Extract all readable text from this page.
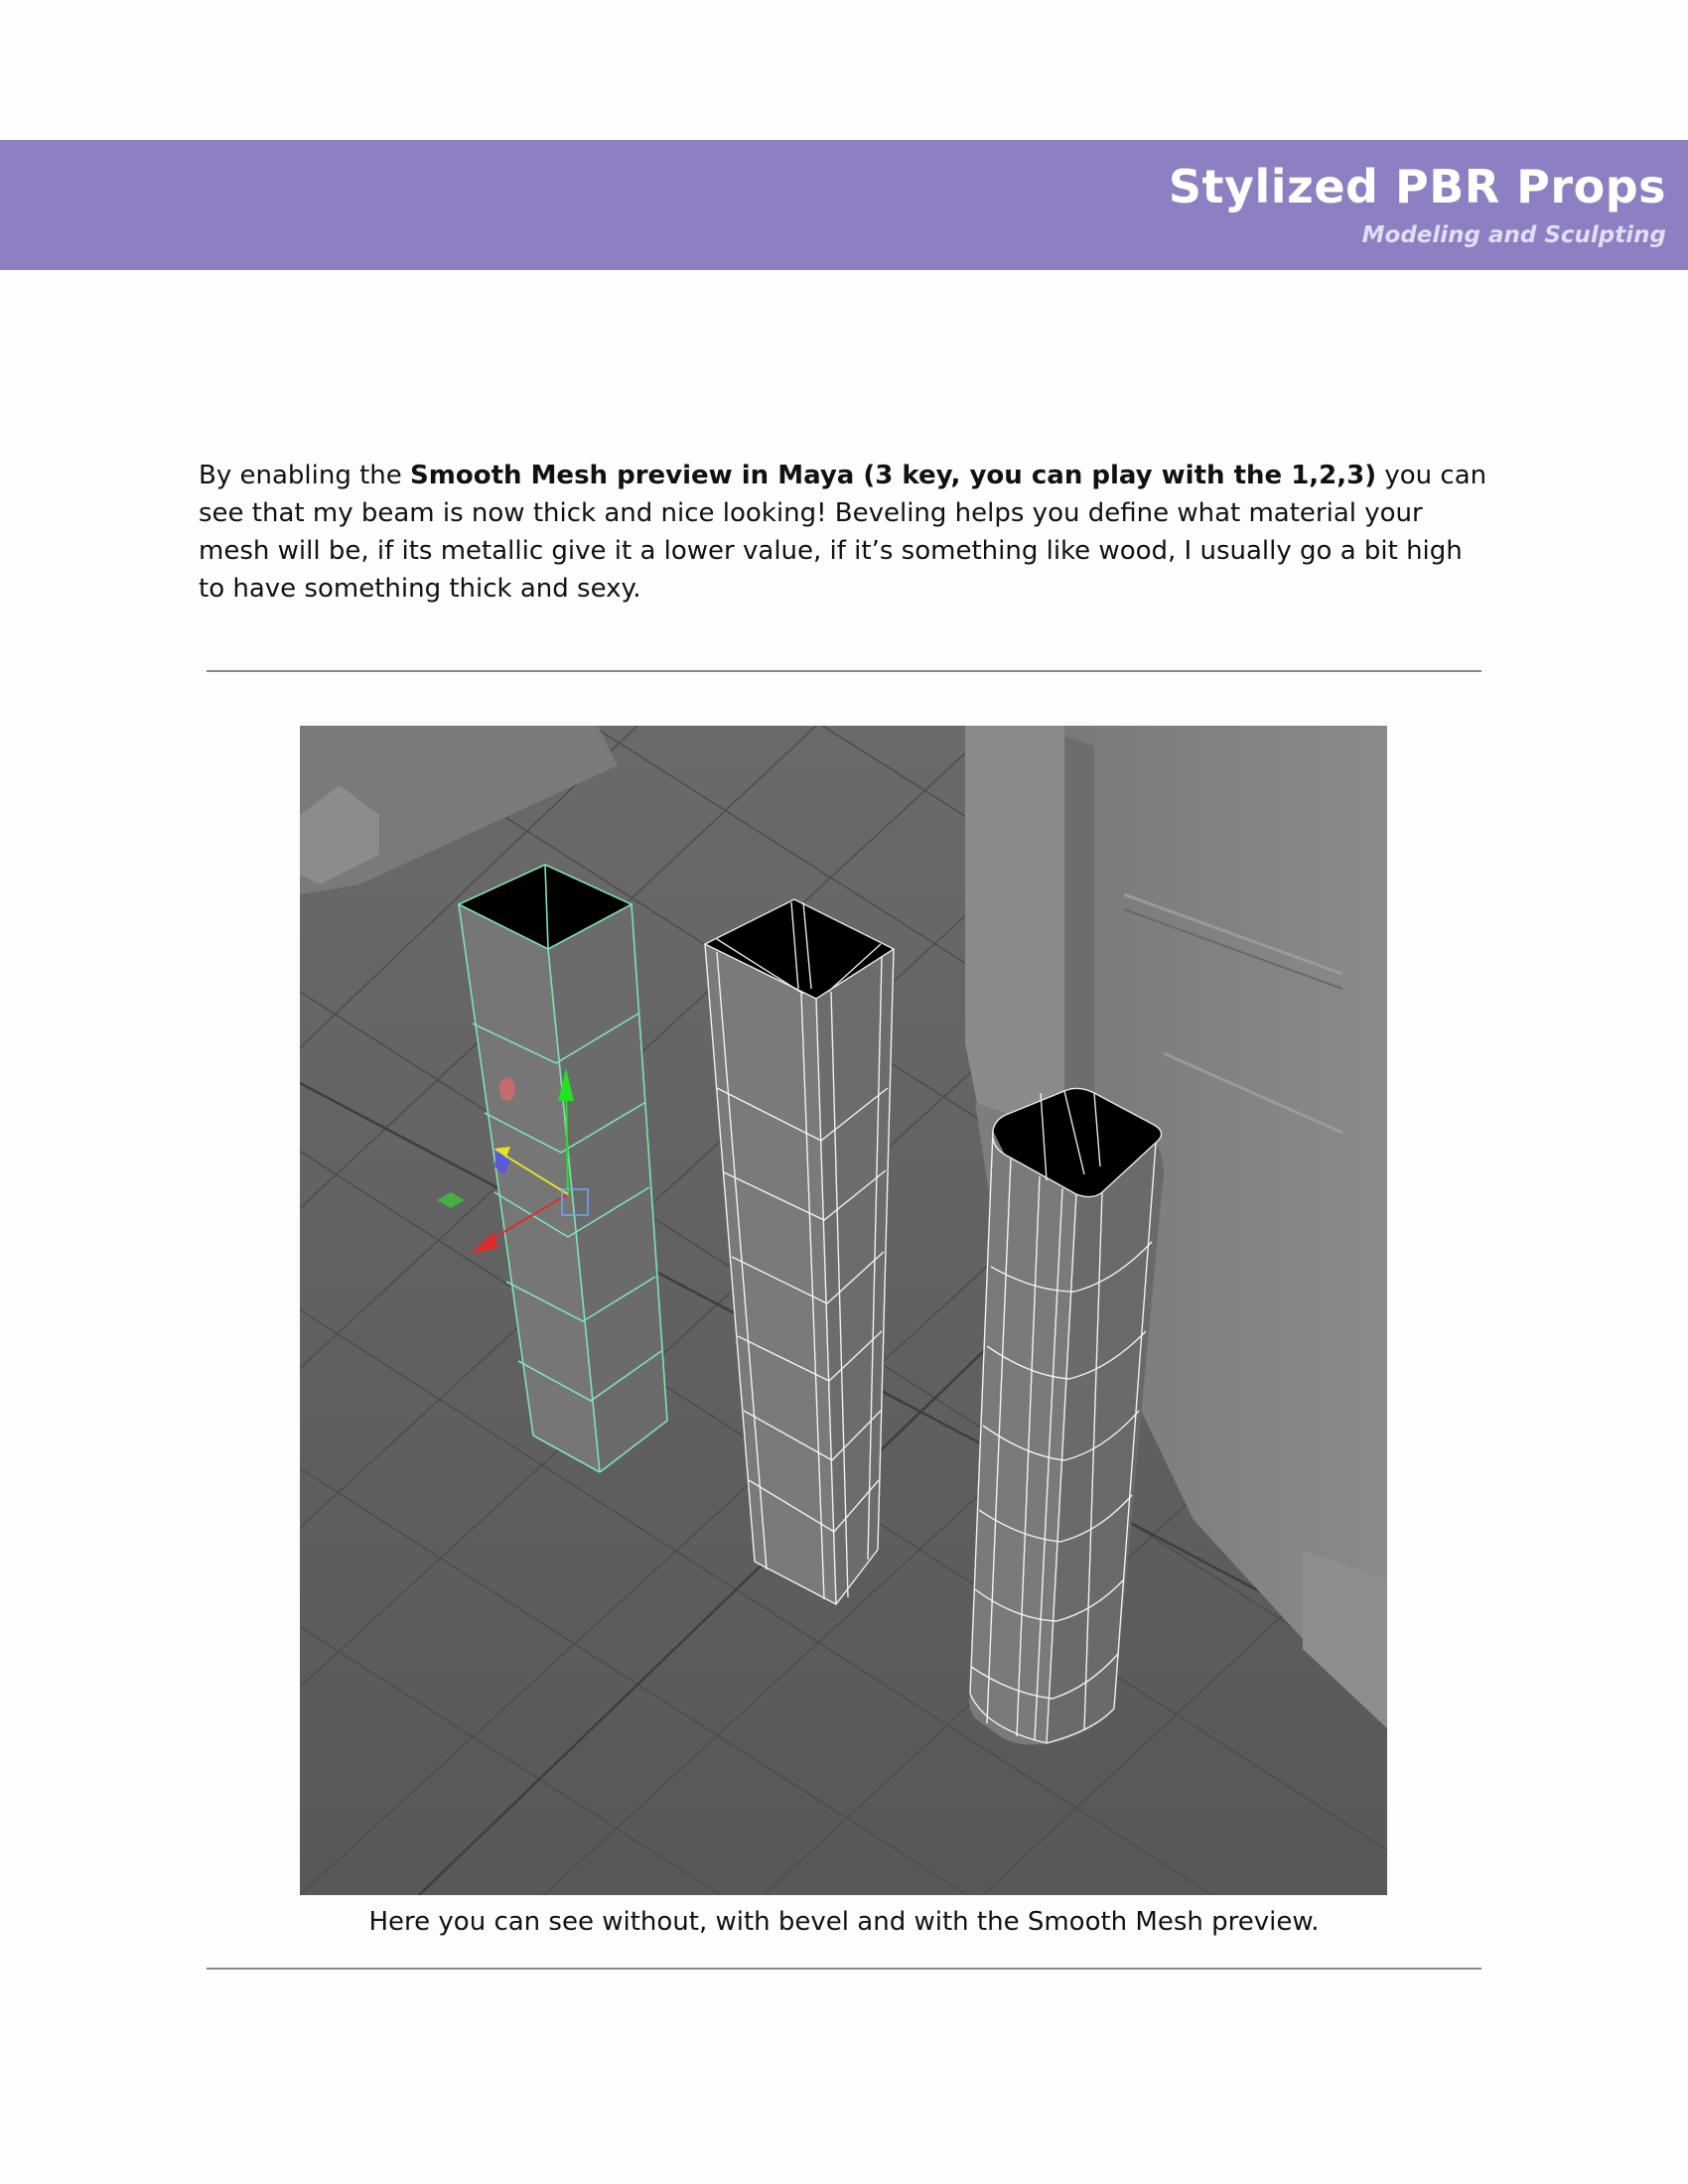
Stylized PBR Props
Modeling and Sculpting

By enabling the Smooth Mesh preview in Maya (3 key, you can play with the 1,2,3) you can see that my beam is now thick and nice looking! Beveling helps you define what material your mesh will be, if its metallic give it a lower value, if it’s something like wood, I usually go a bit high to have something thick and sexy.

Here you can see without, with bevel and with the Smooth Mesh preview.
